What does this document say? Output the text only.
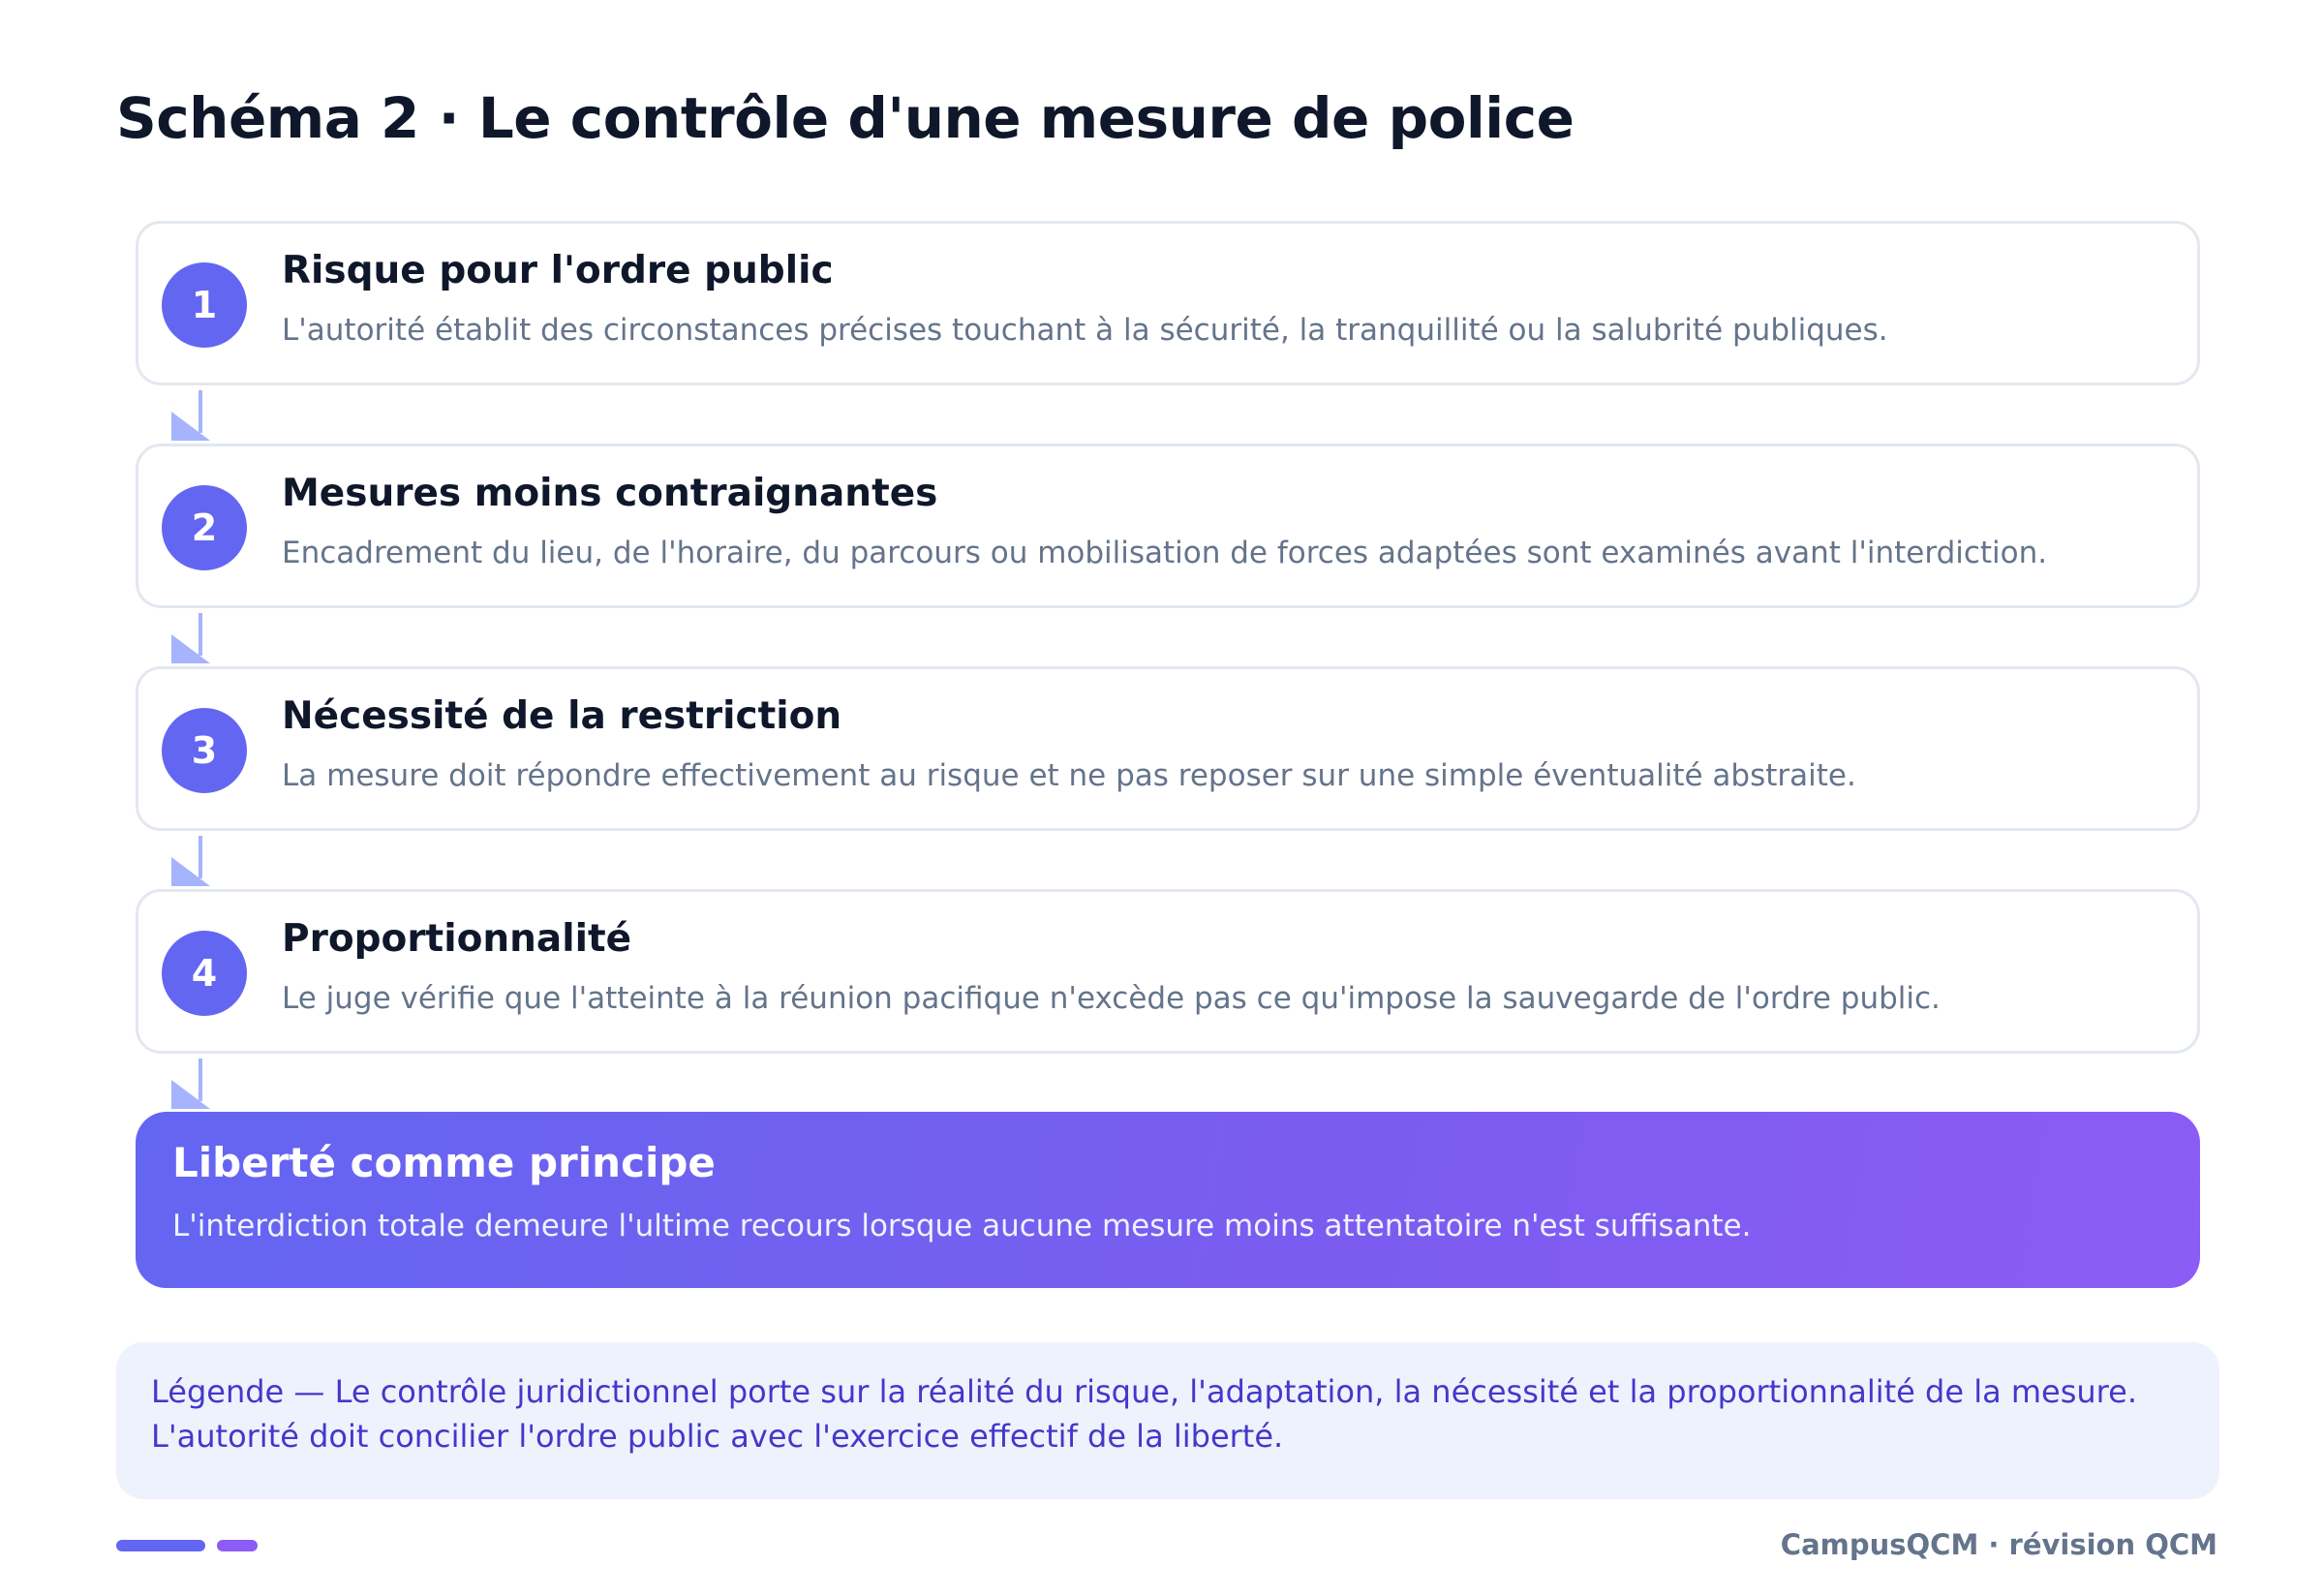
Schéma 2 · Le contrôle d'une mesure de police
1
Risque pour l'ordre public
L'autorité établit des circonstances précises touchant à la sécurité, la tranquillité ou la salubrité publiques.
2
Mesures moins contraignantes
Encadrement du lieu, de l'horaire, du parcours ou mobilisation de forces adaptées sont examinés avant l'interdiction.
3
Nécessité de la restriction
La mesure doit répondre effectivement au risque et ne pas reposer sur une simple éventualité abstraite.
4
Proportionnalité
Le juge vérifie que l'atteinte à la réunion pacifique n'excède pas ce qu'impose la sauvegarde de l'ordre public.
Liberté comme principe
L'interdiction totale demeure l'ultime recours lorsque aucune mesure moins attentatoire n'est suffisante.
Légende — Le contrôle juridictionnel porte sur la réalité du risque, l'adaptation, la nécessité et la proportionnalité de la mesure.
L'autorité doit concilier l'ordre public avec l'exercice effectif de la liberté.
CampusQCM · révision QCM
